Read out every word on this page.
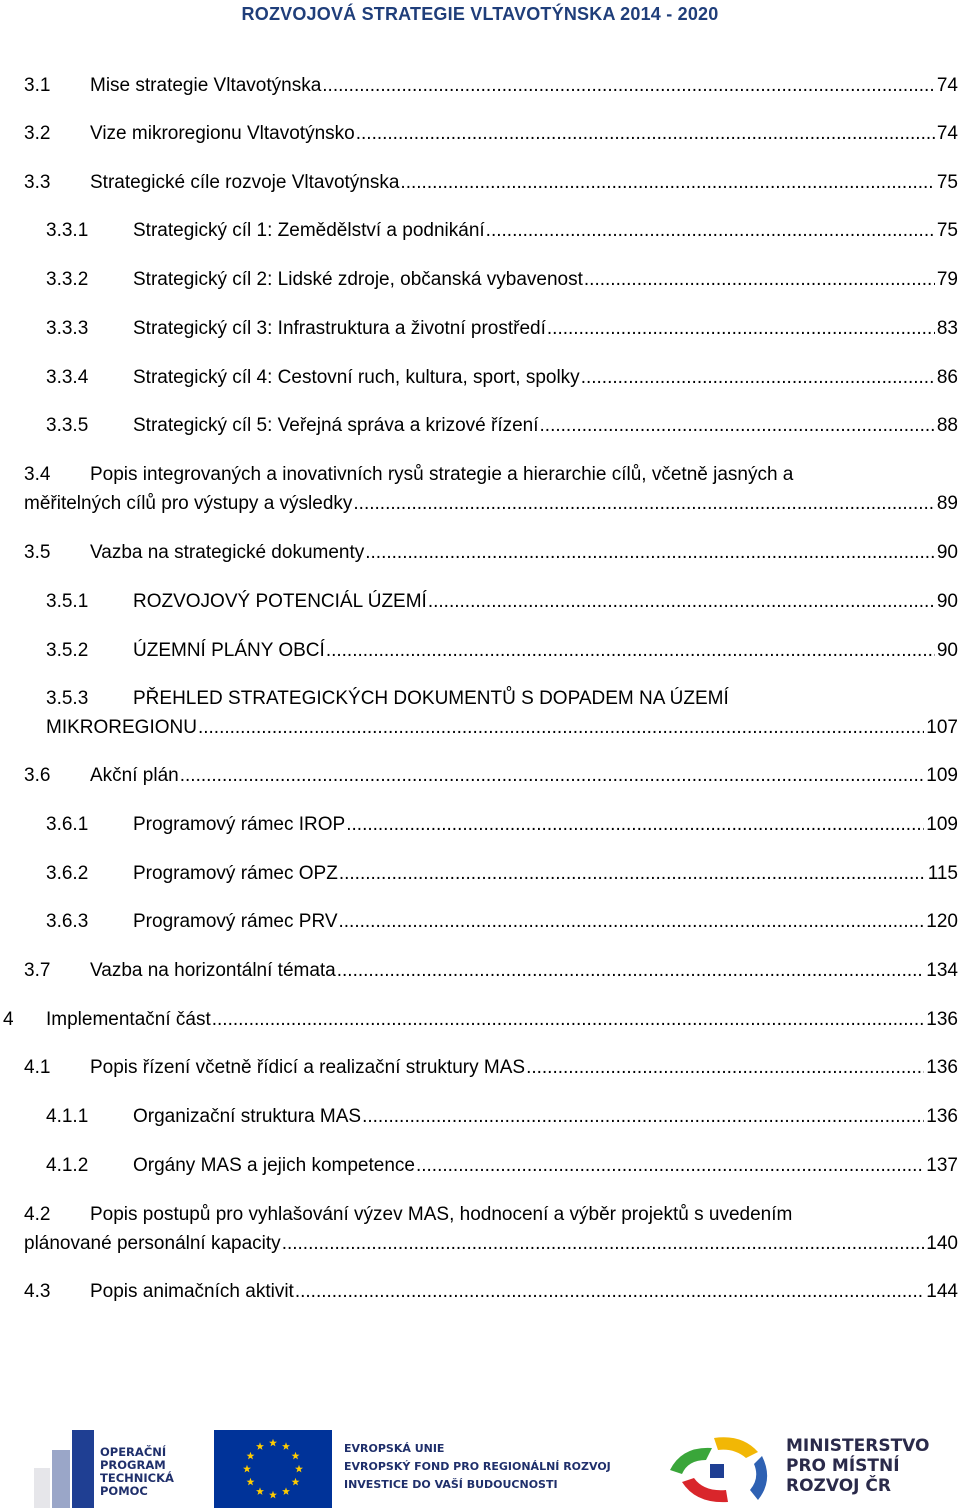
ROZVOJOVÁ STRATEGIE VLTAVOTÝNSKA 2014 - 2020
3.1	Mise strategie Vltavotýnska .....	74
3.2	Vize mikroregionu Vltavotýnsko .....	74
3.3	Strategické cíle rozvoje Vltavotýnska .....	75
3.3.1	Strategický cíl 1: Zemědělství a podnikání .....	75
3.3.2	Strategický cíl 2: Lidské zdroje, občanská vybavenost .....	79
3.3.3	Strategický cíl 3: Infrastruktura a životní prostředí .....	83
3.3.4	Strategický cíl 4: Cestovní ruch, kultura, sport, spolky .....	86
3.3.5	Strategický cíl 5: Veřejná správa a krizové řízení .....	88
3.4 Popis integrovaných a inovativních rysů strategie a hierarchie cílů, včetně jasných a
měřitelných cílů pro výstupy a výsledky .....	89
3.5	Vazba na strategické dokumenty .....	90
3.5.1	ROZVOJOVÝ POTENCIÁL ÚZEMÍ .....	90
3.5.2	ÚZEMNÍ PLÁNY OBCÍ .....	90
3.5.3 PŘEHLED STRATEGICKÝCH DOKUMENTŮ S DOPADEM NA ÚZEMÍ
MIKROREGIONU .....	107
3.6	Akční plán .....	109
3.6.1	Programový rámec IROP .....	109
3.6.2	Programový rámec OPZ .....	115
3.6.3	Programový rámec PRV .....	120
3.7	Vazba na horizontální témata .....	134
4	Implementační část .....	136
4.1	Popis řízení včetně řídicí a realizační struktury MAS .....	136
4.1.1	Organizační struktura MAS .....	136
4.1.2	Orgány MAS a jejich kompetence .....	137
4.2 Popis postupů pro vyhlašování výzev MAS, hodnocení a výběr projektů s uvedením
plánované personální kapacity .....	140
4.3	Popis animačních aktivit .....	144
OPERAČNÍ
PROGRAM
TECHNICKÁ
POMOC
EVROPSKÁ UNIE
EVROPSKÝ FOND PRO REGIONÁLNÍ ROZVOJ
INVESTICE DO VAŠÍ BUDOUCNOSTI
MINISTERSTVO
PRO MÍSTNÍ
ROZVOJ ČR
